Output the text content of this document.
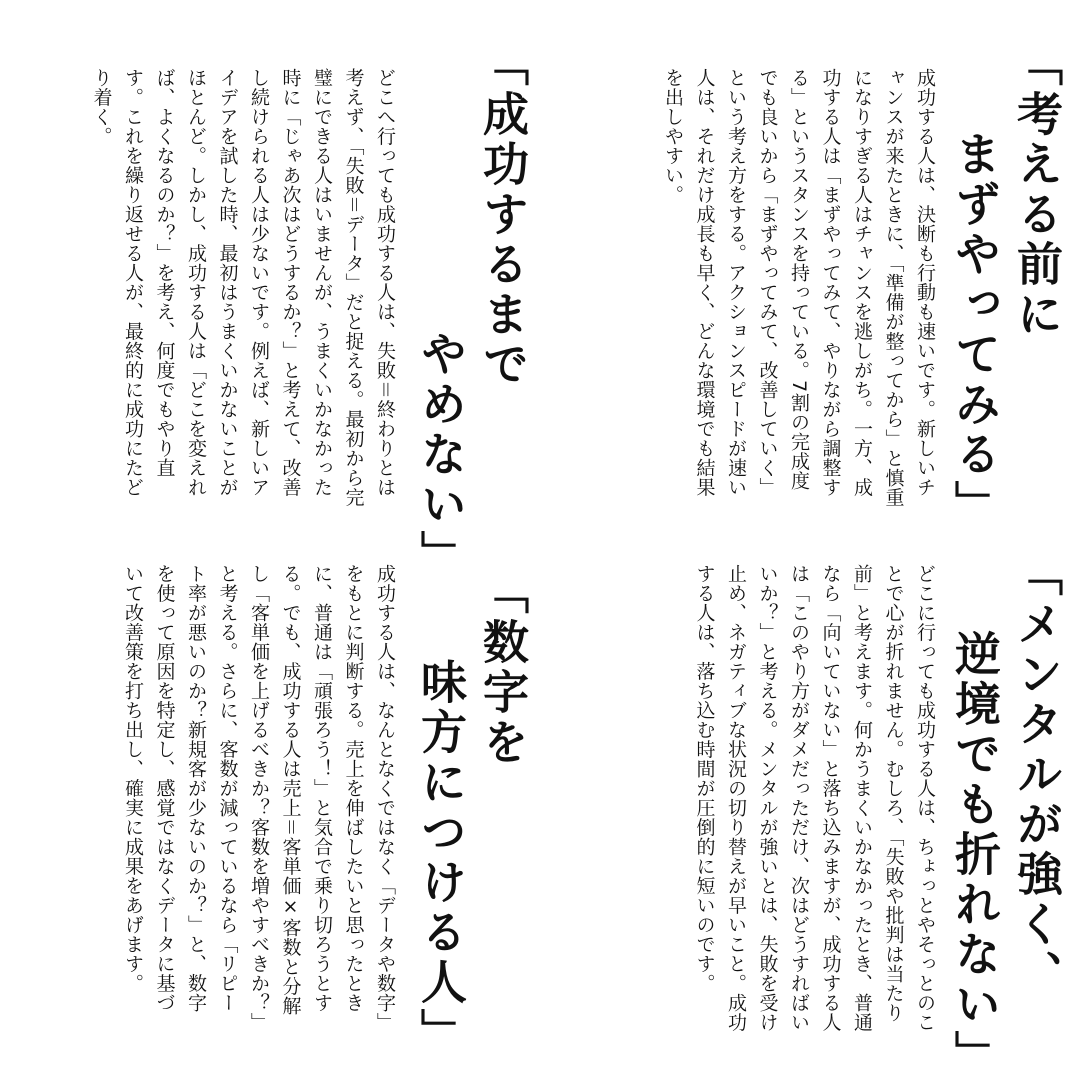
「考える前に
まずやってみる」

成功する人は、決断も行動も速いです。新しいチャンスが来たときに、「準備が整ってから」と慎重になりすぎる人はチャンスを逃しがち。一方、成功する人は「まずやってみて、やりながら調整する」というスタンスを持っている。7割の完成度でも良いから「まずやってみて、改善していく」という考え方をする。アクションスピードが速い人は、それだけ成長も早く、どんな環境でも結果を出しやすい。

「成功するまで
やめない」

どこへ行っても成功する人は、失敗＝終わりとは考えず、「失敗＝データ」だと捉える。最初から完璧にできる人はいませんが、うまくいかなかった時に「じゃあ次はどうするか？」と考えて、改善し続けられる人は少ないです。例えば、新しいアイデアを試した時、最初はうまくいかないことがほとんど。しかし、成功する人は「どこを変えれば、よくなるのか？」を考え、何度でもやり直す。これを繰り返せる人が、最終的に成功にたどり着く。

「メンタルが強く、
逆境でも折れない」

どこに行っても成功する人は、ちょっとやそっとのことで心が折れません。むしろ、「失敗や批判は当たり前」と考えます。何かうまくいかなかったとき、普通なら「向いていない」と落ち込みますが、成功する人は「このやり方がダメだっただけ、次はどうすればいいか？」と考える。メンタルが強いとは、失敗を受け止め、ネガティブな状況の切り替えが早いこと。成功する人は、落ち込む時間が圧倒的に短いのです。

「数字を
味方につける人」

成功する人は、なんとなくではなく「データや数字」をもとに判断する。売上を伸ばしたいと思ったときに、普通は「頑張ろう！」と気合で乗り切ろうとする。でも、成功する人は売上＝客単価×客数と分解し「客単価を上げるべきか？客数を増やすべきか？」と考える。さらに、客数が減っているなら「リピート率が悪いのか？新規客が少ないのか？」と、数字を使って原因を特定し、感覚ではなくデータに基づいて改善策を打ち出し、確実に成果をあげます。
